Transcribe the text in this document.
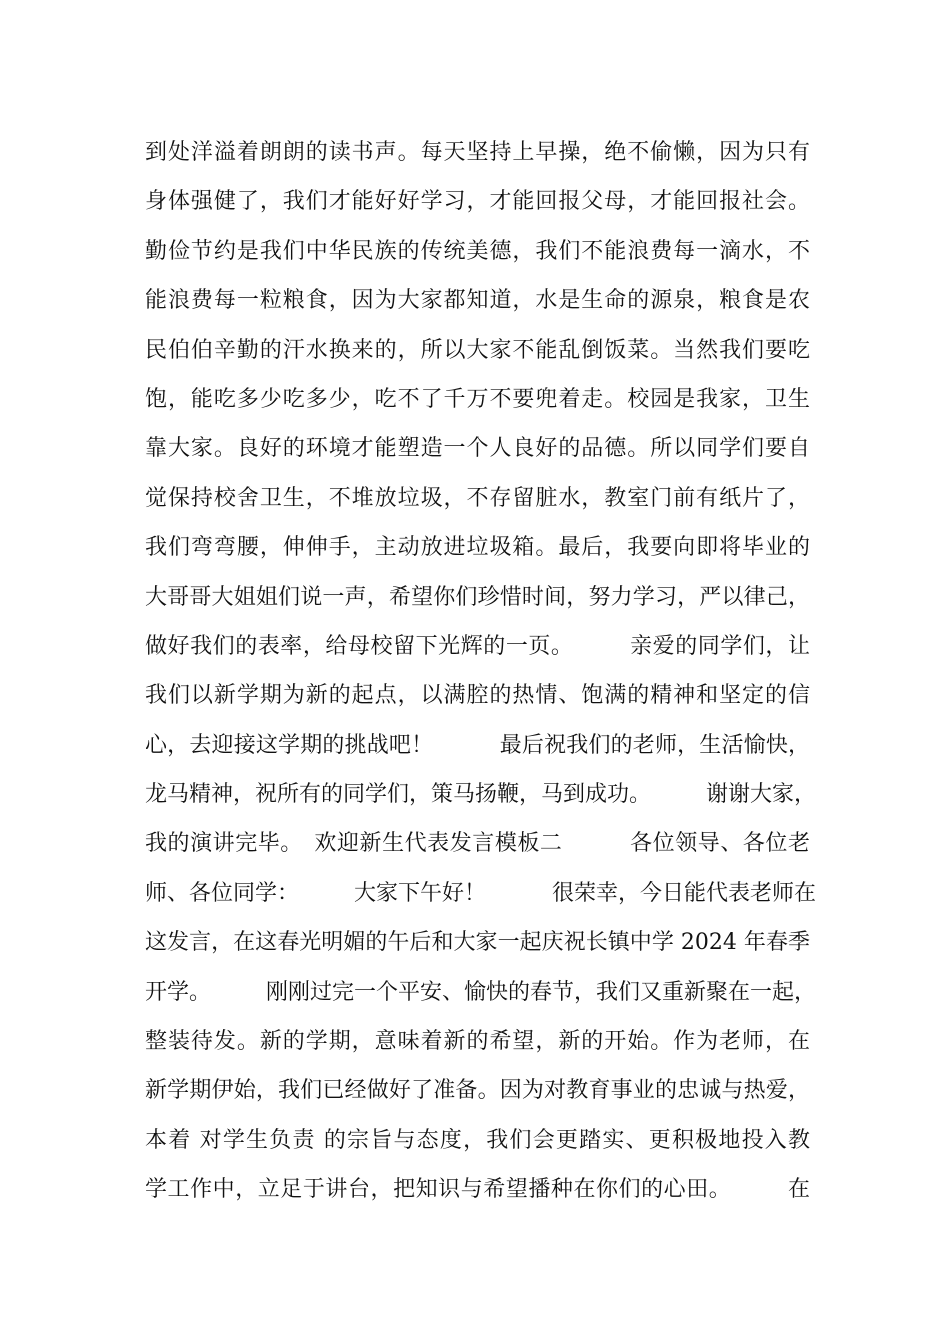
到处洋溢着朗朗的读书声。每天坚持上早操，绝不偷懒，因为只有
身体强健了，我们才能好好学习，才能回报父母，才能回报社会。
勤俭节约是我们中华民族的传统美德，我们不能浪费每一滴水，不
能浪费每一粒粮食，因为大家都知道，水是生命的源泉，粮食是农
民伯伯辛勤的汗水换来的，所以大家不能乱倒饭菜。当然我们要吃
饱，能吃多少吃多少，吃不了千万不要兜着走。校园是我家，卫生
靠大家。良好的环境才能塑造一个人良好的品德。所以同学们要自
觉保持校舍卫生，不堆放垃圾，不存留脏水，教室门前有纸片了，
我们弯弯腰，伸伸手，主动放进垃圾箱。最后，我要向即将毕业的
大哥哥大姐姐们说一声，希望你们珍惜时间，努力学习，严以律己，
做好我们的表率，给母校留下光辉的一页。　　　亲爱的同学们，让
我们以新学期为新的起点，以满腔的热情、饱满的精神和坚定的信
心，去迎接这学期的挑战吧！　　　最后祝我们的老师，生活愉快，
龙马精神，祝所有的同学们，策马扬鞭，马到成功。　　　谢谢大家，
我的演讲完毕。　欢迎新生代表发言模板二　　　各位领导、各位老
师、各位同学：　　　大家下午好！　　　很荣幸，今日能代表老师在
这发言，在这春光明媚的午后和大家一起庆祝长镇中学 2024 年春季
开学。　　　刚刚过完一个平安、愉快的春节，我们又重新聚在一起，
整装待发。新的学期，意味着新的希望，新的开始。作为老师，在
新学期伊始，我们已经做好了准备。因为对教育事业的忠诚与热爱，
本着 对学生负责 的宗旨与态度，我们会更踏实、更积极地投入教
学工作中，立足于讲台，把知识与希望播种在你们的心田。　　　在
